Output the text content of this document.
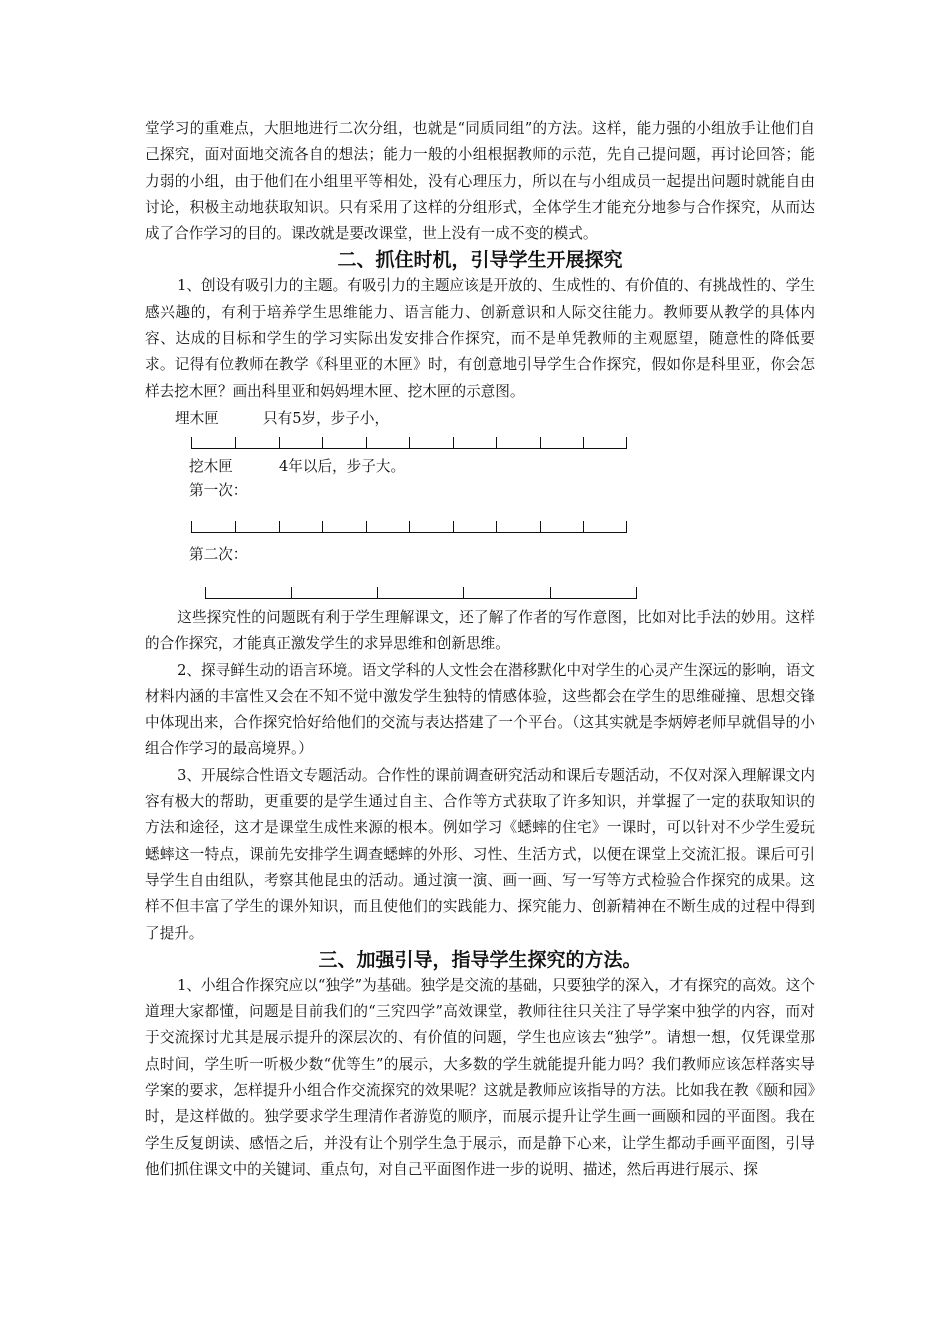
堂学习的重难点，大胆地进行二次分组，也就是“同质同组”的方法。这样，能力强的小组放手让他们自己探究，面对面地交流各自的想法；能力一般的小组根据教师的示范，先自己提问题，再讨论回答；能力弱的小组，由于他们在小组里平等相处，没有心理压力，所以在与小组成员一起提出问题时就能自由讨论，积极主动地获取知识。只有采用了这样的分组形式，全体学生才能充分地参与合作探究，从而达成了合作学习的目的。课改就是要改课堂，世上没有一成不变的模式。

二、抓住时机，引导学生开展探究

1、创设有吸引力的主题。有吸引力的主题应该是开放的、生成性的、有价值的、有挑战性的、学生感兴趣的，有利于培养学生思维能力、语言能力、创新意识和人际交往能力。教师要从教学的具体内容、达成的目标和学生的学习实际出发安排合作探究，而不是单凭教师的主观愿望，随意性的降低要求。记得有位教师在教学《科里亚的木匣》时，有创意地引导学生合作探究，假如你是科里亚，你会怎样去挖木匣？画出科里亚和妈妈埋木匣、挖木匣的示意图。

埋木匣	只有5岁，步子小，
挖木匣	4年以后，步子大。
第一次：
第二次：

这些探究性的问题既有利于学生理解课文，还了解了作者的写作意图，比如对比手法的妙用。这样的合作探究，才能真正激发学生的求异思维和创新思维。

2、探寻鲜生动的语言环境。语文学科的人文性会在潜移默化中对学生的心灵产生深远的影响，语文材料内涵的丰富性又会在不知不觉中激发学生独特的情感体验，这些都会在学生的思维碰撞、思想交锋中体现出来，合作探究恰好给他们的交流与表达搭建了一个平台。（这其实就是李炳婷老师早就倡导的小组合作学习的最高境界。）

3、开展综合性语文专题活动。合作性的课前调查研究活动和课后专题活动，不仅对深入理解课文内容有极大的帮助，更重要的是学生通过自主、合作等方式获取了许多知识，并掌握了一定的获取知识的方法和途径，这才是课堂生成性来源的根本。例如学习《蟋蟀的住宅》一课时，可以针对不少学生爱玩蟋蟀这一特点，课前先安排学生调查蟋蟀的外形、习性、生活方式，以便在课堂上交流汇报。课后可引导学生自由组队，考察其他昆虫的活动。通过演一演、画一画、写一写等方式检验合作探究的成果。这样不但丰富了学生的课外知识，而且使他们的实践能力、探究能力、创新精神在不断生成的过程中得到了提升。

三、加强引导，指导学生探究的方法。

1、小组合作探究应以“独学”为基础。独学是交流的基础，只要独学的深入，才有探究的高效。这个道理大家都懂，问题是目前我们的“三究四学”高效课堂，教师往往只关注了导学案中独学的内容，而对于交流探讨尤其是展示提升的深层次的、有价值的问题，学生也应该去“独学”。请想一想，仅凭课堂那点时间，学生听一听极少数“优等生”的展示，大多数的学生就能提升能力吗？我们教师应该怎样落实导学案的要求，怎样提升小组合作交流探究的效果呢？这就是教师应该指导的方法。比如我在教《颐和园》时，是这样做的。独学要求学生理清作者游览的顺序，而展示提升让学生画一画颐和园的平面图。我在学生反复朗读、感悟之后，并没有让个别学生急于展示，而是静下心来，让学生都动手画平面图，引导他们抓住课文中的关键词、重点句，对自己平面图作进一步的说明、描述，然后再进行展示、探
